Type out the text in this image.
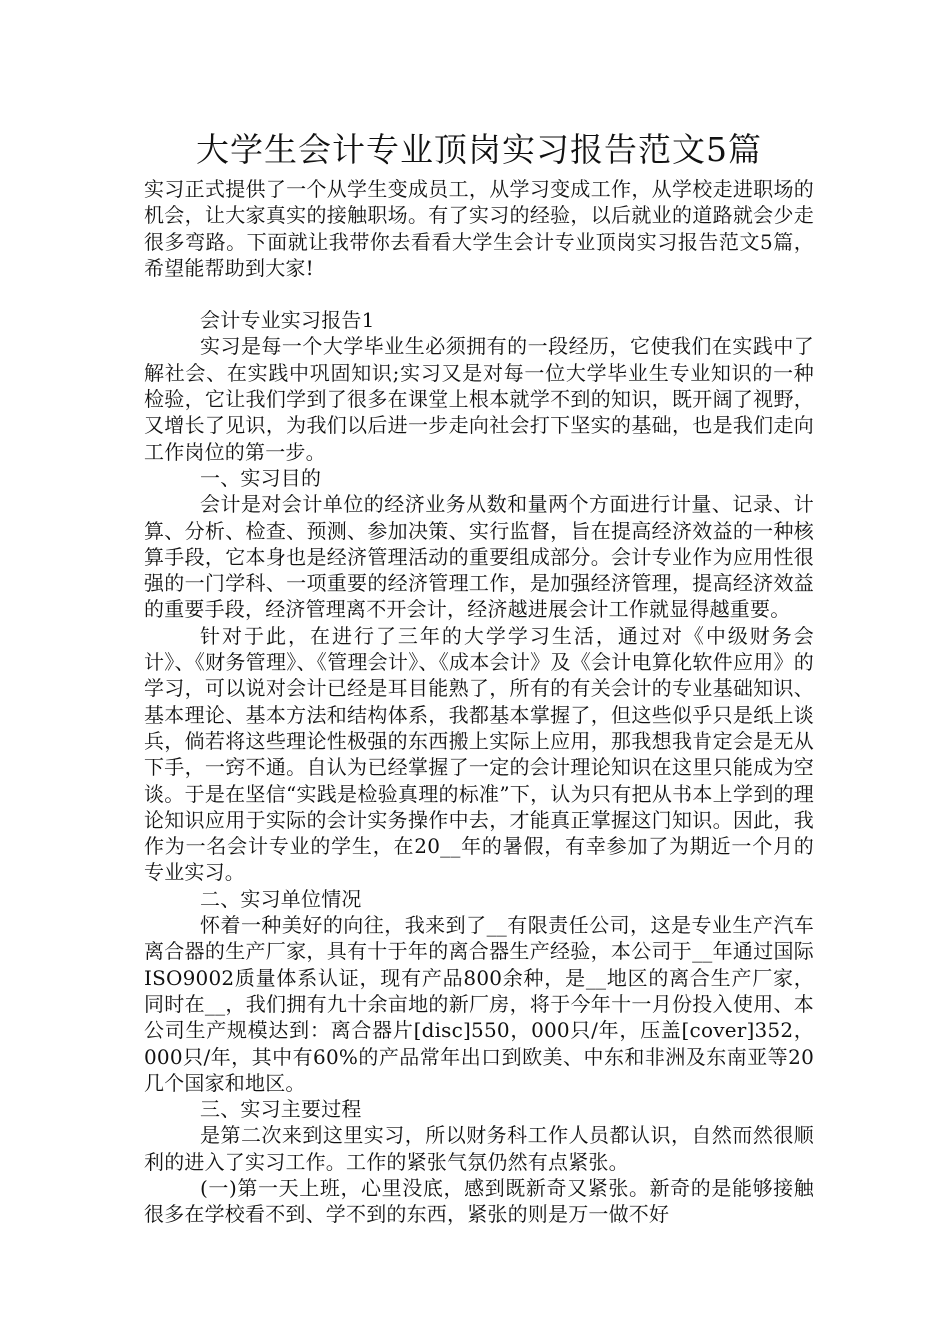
大学生会计专业顶岗实习报告范文5篇

实习正式提供了一个从学生变成员工，从学习变成工作，从学校走进职场的机会，让大家真实的接触职场。有了实习的经验，以后就业的道路就会少走很多弯路。下面就让我带你去看看大学生会计专业顶岗实习报告范文5篇，希望能帮助到大家!

会计专业实习报告1

实习是每一个大学毕业生必须拥有的一段经历，它使我们在实践中了解社会、在实践中巩固知识;实习又是对每一位大学毕业生专业知识的一种检验，它让我们学到了很多在课堂上根本就学不到的知识，既开阔了视野，又增长了见识，为我们以后进一步走向社会打下坚实的基础，也是我们走向工作岗位的第一步。

一、实习目的

会计是对会计单位的经济业务从数和量两个方面进行计量、记录、计算、分析、检查、预测、参加决策、实行监督，旨在提高经济效益的一种核算手段，它本身也是经济管理活动的重要组成部分。会计专业作为应用性很强的一门学科、一项重要的经济管理工作，是加强经济管理，提高经济效益的重要手段，经济管理离不开会计，经济越进展会计工作就显得越重要。

针对于此，在进行了三年的大学学习生活，通过对《中级财务会计》、《财务管理》、《管理会计》、《成本会计》及《会计电算化软件应用》的学习，可以说对会计已经是耳目能熟了，所有的有关会计的专业基础知识、基本理论、基本方法和结构体系，我都基本掌握了，但这些似乎只是纸上谈兵，倘若将这些理论性极强的东西搬上实际上应用，那我想我肯定会是无从下手，一窍不通。自认为已经掌握了一定的会计理论知识在这里只能成为空谈。于是在坚信“实践是检验真理的标准”下，认为只有把从书本上学到的理论知识应用于实际的会计实务操作中去，才能真正掌握这门知识。因此，我作为一名会计专业的学生，在20__年的暑假，有幸参加了为期近一个月的专业实习。

二、实习单位情况

怀着一种美好的向往，我来到了__有限责任公司，这是专业生产汽车离合器的生产厂家，具有十于年的离合器生产经验，本公司于__年通过国际ISO9002质量体系认证，现有产品800余种，是__地区的离合生产厂家，同时在__，我们拥有九十余亩地的新厂房，将于今年十一月份投入使用、本公司生产规模达到：离合器片[disc]550，000只/年，压盖[cover]352，000只/年，其中有60%的产品常年出口到欧美、中东和非洲及东南亚等20几个国家和地区。

三、实习主要过程

是第二次来到这里实习，所以财务科工作人员都认识，自然而然很顺利的进入了实习工作。工作的紧张气氛仍然有点紧张。

(一)第一天上班，心里没底，感到既新奇又紧张。新奇的是能够接触很多在学校看不到、学不到的东西，紧张的则是万一做不好
